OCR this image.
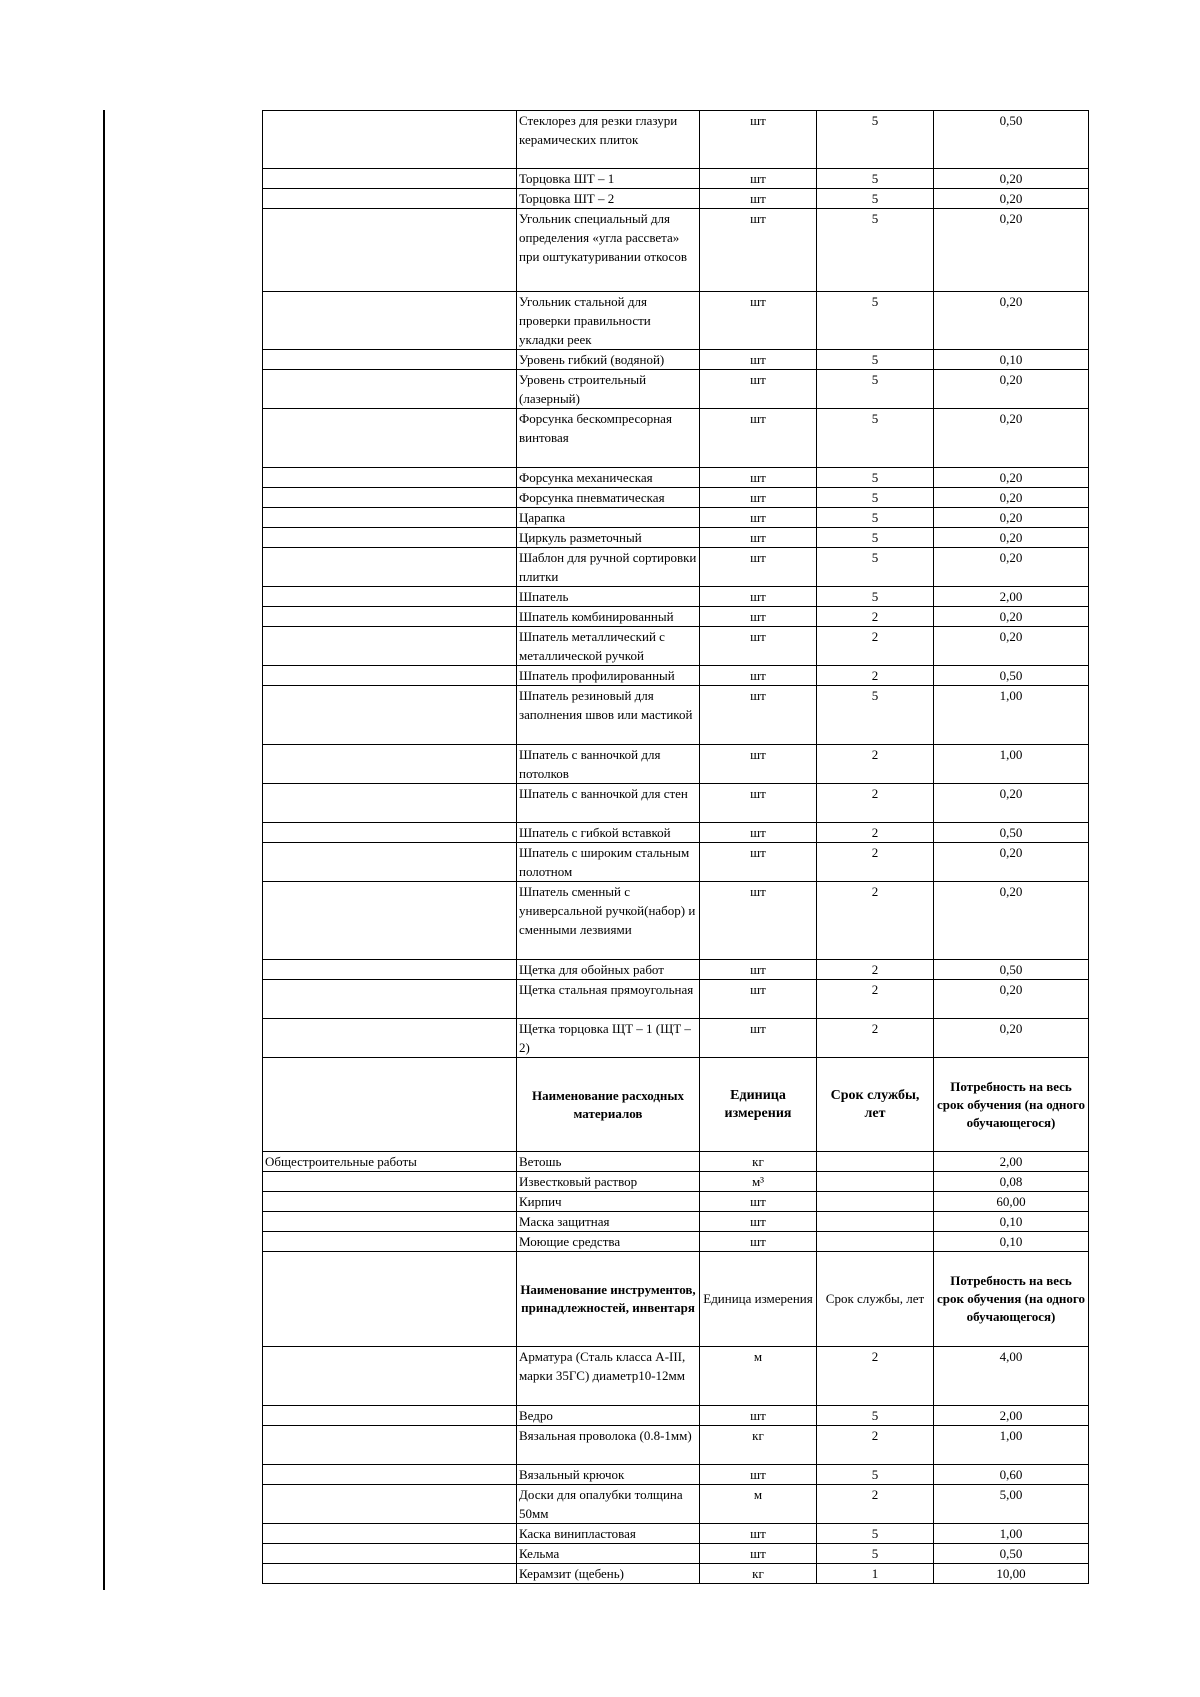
	Стеклорез для резки глазури керамических плиток	шт	5	0,50
	Торцовка ШТ – 1	шт	5	0,20
	Торцовка ШТ – 2	шт	5	0,20
	Угольник специальный для определения «угла рассвета» при оштукатуривании откосов	шт	5	0,20
	Угольник стальной для проверки правильности укладки реек	шт	5	0,20
	Уровень гибкий (водяной)	шт	5	0,10
	Уровень строительный (лазерный)	шт	5	0,20
	Форсунка бескомпресорная винтовая	шт	5	0,20
	Форсунка механическая	шт	5	0,20
	Форсунка пневматическая	шт	5	0,20
	Царапка	шт	5	0,20
	Циркуль разметочный	шт	5	0,20
	Шаблон для ручной сортировки плитки	шт	5	0,20
	Шпатель	шт	5	2,00
	Шпатель комбинированный	шт	2	0,20
	Шпатель металлический с металлической ручкой	шт	2	0,20
	Шпатель профилированный	шт	2	0,50
	Шпатель резиновый для заполнения швов или мастикой	шт	5	1,00
	Шпатель с ванночкой для потолков	шт	2	1,00
	Шпатель с ванночкой для стен	шт	2	0,20
	Шпатель с гибкой вставкой	шт	2	0,50
	Шпатель с широким стальным полотном	шт	2	0,20
	Шпатель сменный с универсальной ручкой(набор) и сменными лезвиями	шт	2	0,20
	Щетка для обойных работ	шт	2	0,50
	Щетка стальная прямоугольная	шт	2	0,20
	Щетка торцовка ЩТ – 1 (ЩТ – 2)	шт	2	0,20
	Наименование расходных материалов	Единица измерения	Срок службы, лет	Потребность на весь срок обучения (на одного обучающегося)
Общестроительные работы	Ветошь	кг		2,00
	Известковый раствор	м³		0,08
	Кирпич	шт		60,00
	Маска защитная	шт		0,10
	Моющие средства	шт		0,10
	Наименование инструментов, принадлежностей, инвентаря	Единица измерения	Срок службы, лет	Потребность на весь срок обучения (на одного обучающегося)
	Арматура (Сталь класса А-III, марки 35ГС) диаметр10-12мм	м	2	4,00
	Ведро	шт	5	2,00
	Вязальная проволока (0.8-1мм)	кг	2	1,00
	Вязальный крючок	шт	5	0,60
	Доски для опалубки толщина 50мм	м	2	5,00
	Каска винипластовая	шт	5	1,00
	Кельма	шт	5	0,50
	Керамзит (щебень)	кг	1	10,00
